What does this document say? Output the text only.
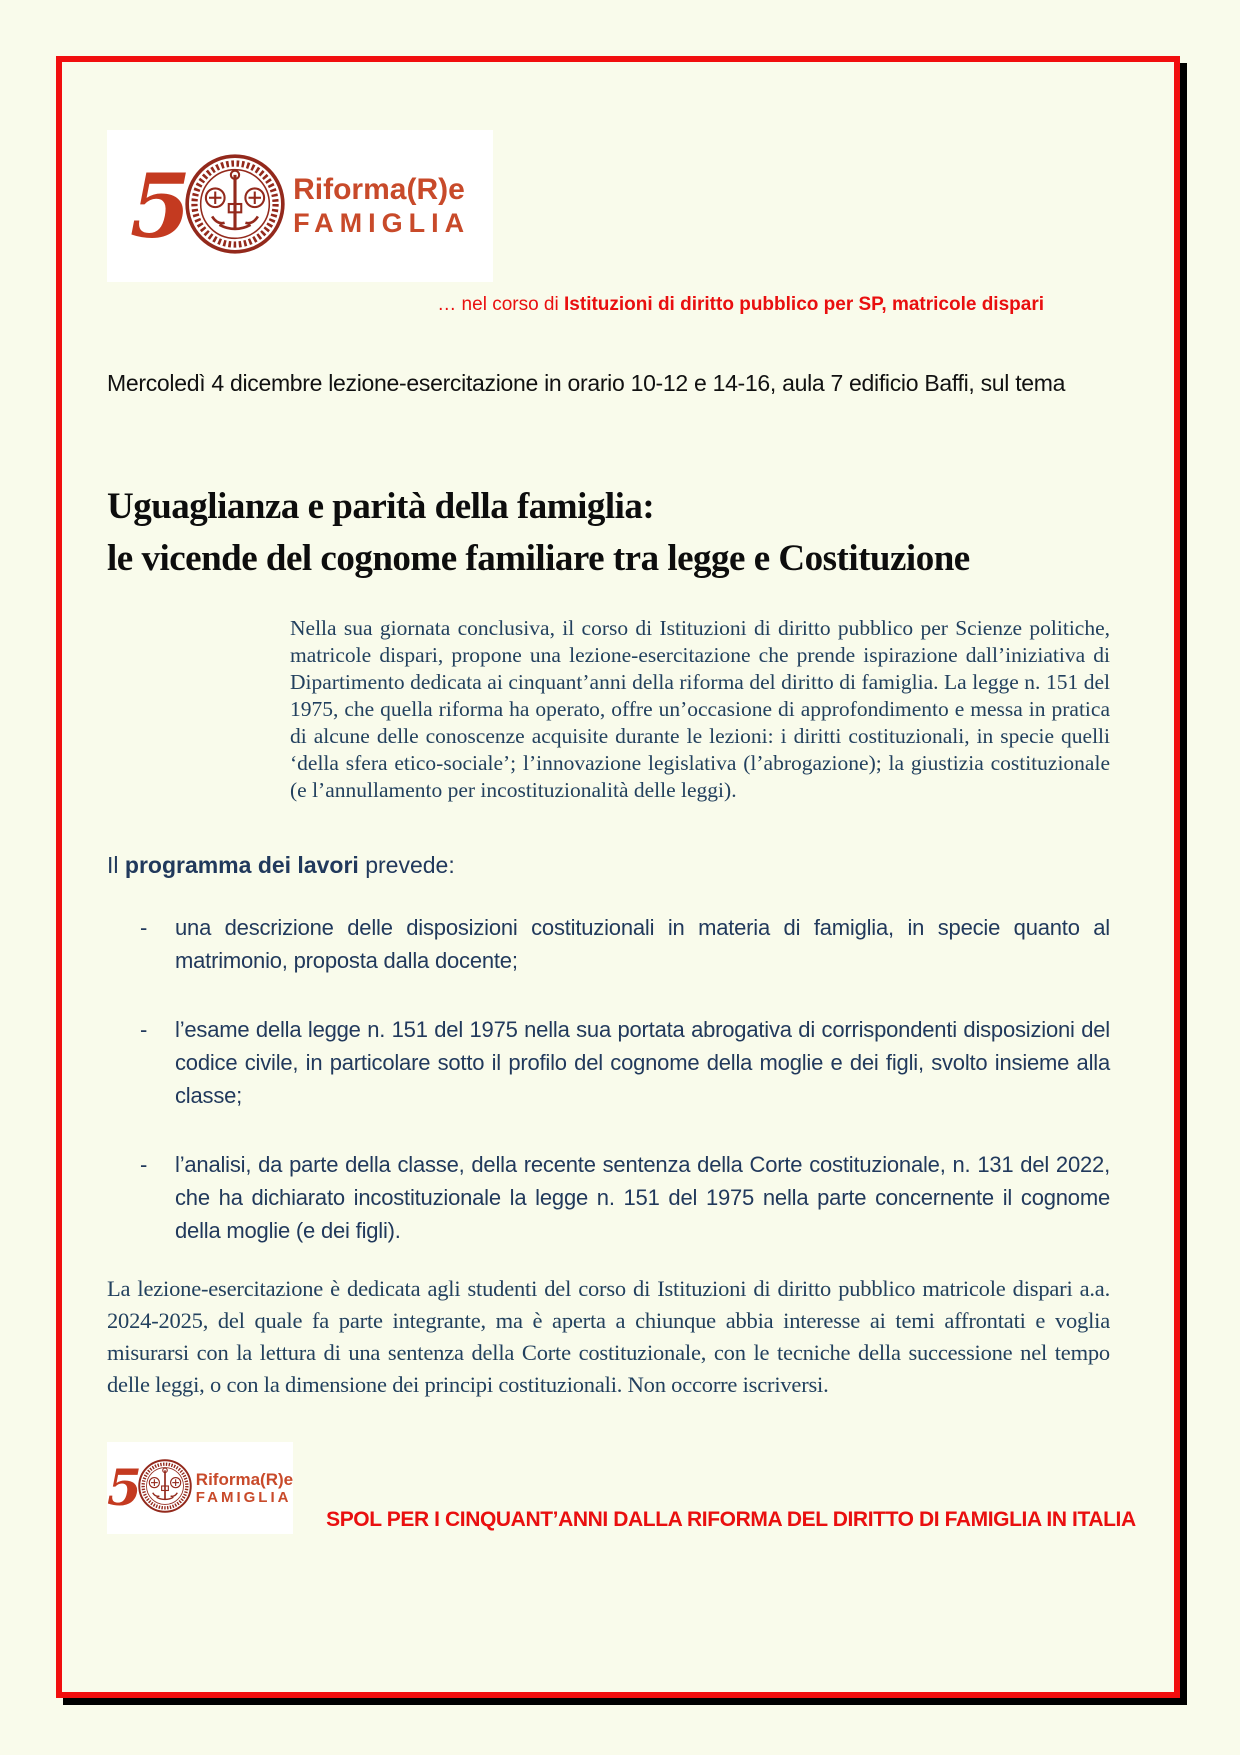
5	Riforma(R)e
FAMIGLIA
… nel corso di Istituzioni di diritto pubblico per SP, matricole dispari
Mercoledì 4 dicembre lezione-esercitazione in orario 10-12 e 14-16, aula 7 edificio Baffi, sul tema
Uguaglianza e parità della famiglia:
le vicende del cognome familiare tra legge e Costituzione
Nella sua giornata conclusiva, il corso di Istituzioni di diritto pubblico per Scienze politiche, matricole dispari, propone una lezione-esercitazione che prende ispirazione dall’iniziativa di Dipartimento dedicata ai cinquant’anni della riforma del diritto di famiglia. La legge n. 151 del 1975, che quella riforma ha operato, offre un’occasione di approfondimento e messa in pratica di alcune delle conoscenze acquisite durante le lezioni: i diritti costituzionali, in specie quelli ‘della sfera etico-sociale’; l’innovazione legislativa (l’abrogazione); la giustizia costituzionale (e l’annullamento per incostituzionalità delle leggi).
Il programma dei lavori prevede:
-	una descrizione delle disposizioni costituzionali in materia di famiglia, in specie quanto al matrimonio, proposta dalla docente;
-	l’esame della legge n. 151 del 1975 nella sua portata abrogativa di corrispondenti disposizioni del codice civile, in particolare sotto il profilo del cognome della moglie e dei figli, svolto insieme alla classe;
-	l’analisi, da parte della classe, della recente sentenza della Corte costituzionale, n. 131 del 2022, che ha dichiarato incostituzionale la legge n. 151 del 1975 nella parte concernente il cognome della moglie (e dei figli).
La lezione-esercitazione è dedicata agli studenti del corso di Istituzioni di diritto pubblico matricole dispari a.a. 2024-2025, del quale fa parte integrante, ma è aperta a chiunque abbia interesse ai temi affrontati e voglia misurarsi con la lettura di una sentenza della Corte costituzionale, con le tecniche della successione nel tempo delle leggi, o con la dimensione dei principi costituzionali. Non occorre iscriversi.
5	Riforma(R)e
FAMIGLIA
SPOL PER I CINQUANT’ANNI DALLA RIFORMA DEL DIRITTO DI FAMIGLIA IN ITALIA
